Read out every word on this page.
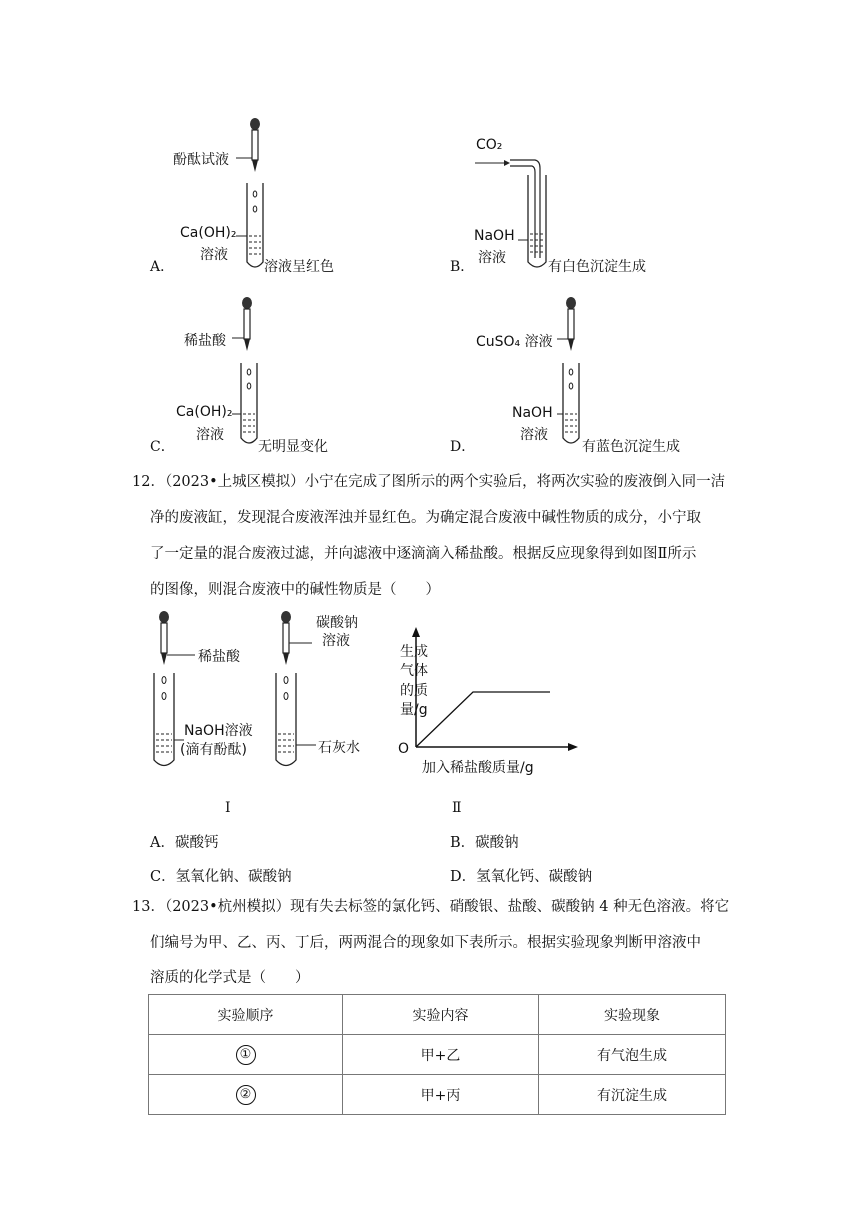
酚酞试液
Ca(OH)₂
溶液
A．	溶液呈红色
CO₂
NaOH
溶液
B．	有白色沉淀生成
稀盐酸
Ca(OH)₂
溶液
C．	无明显变化
CuSO₄ 溶液
NaOH
溶液
D．	有蓝色沉淀生成
12．（2023•上城区模拟）小宁在完成了图所示的两个实验后，将两次实验的废液倒入同一洁
净的废液缸，发现混合废液浑浊并显红色。为确定混合废液中碱性物质的成分，小宁取
了一定量的混合废液过滤，并向滤液中逐滴滴入稀盐酸。根据反应现象得到如图Ⅱ所示
的图像，则混合废液中的碱性物质是（　　）
稀盐酸
NaOH溶液
(滴有酚酞)
碳酸钠
溶液
石灰水
Ⅰ
生成
气体
的质
量/g
O
加入稀盐酸质量/g
Ⅱ
A．碳酸钙	B．碳酸钠
C．氢氧化钠、碳酸钠	D．氢氧化钙、碳酸钠
13．（2023•杭州模拟）现有失去标签的氯化钙、硝酸银、盐酸、碳酸钠 4 种无色溶液。将它
们编号为甲、乙、丙、丁后，两两混合的现象如下表所示。根据实验现象判断甲溶液中
溶质的化学式是（　　）
实验顺序	实验内容	实验现象
①	甲+乙	有气泡生成
②	甲+丙	有沉淀生成
